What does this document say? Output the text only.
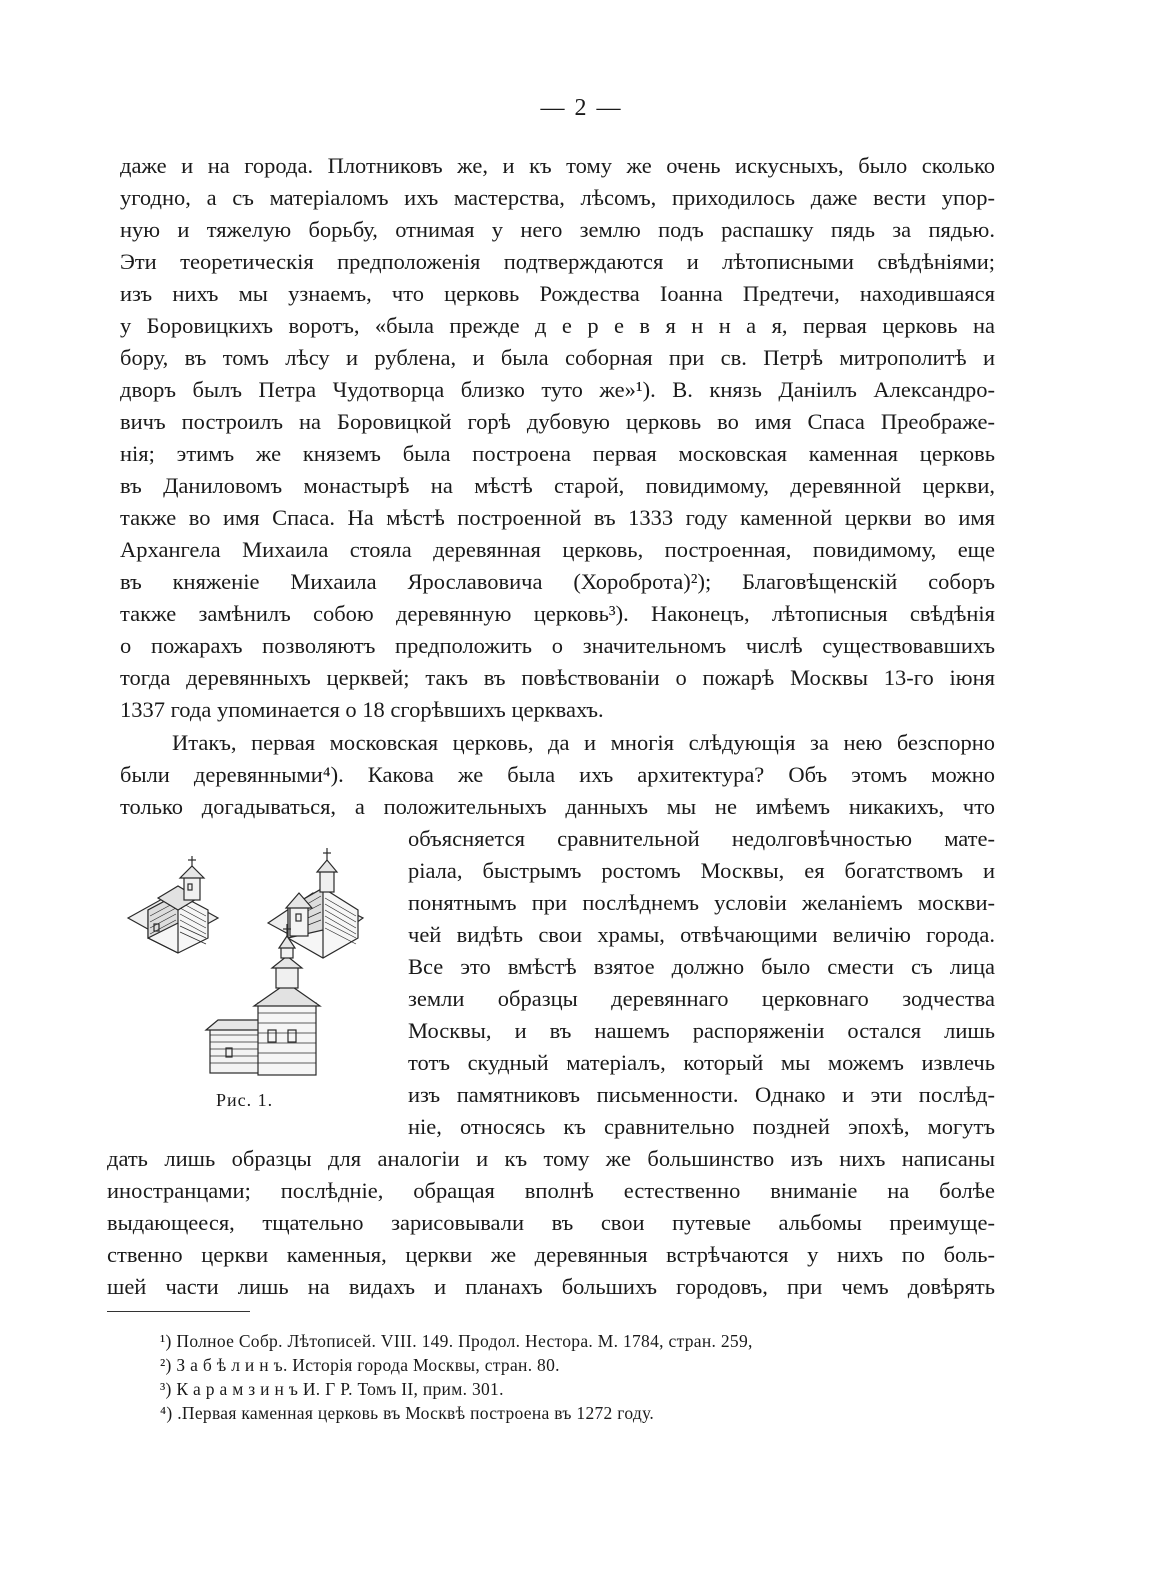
— 2 —
даже и на города. Плотниковъ же, и къ тому же очень искусныхъ, было сколько
угодно, а съ матеріаломъ ихъ мастерства, лѣсомъ, приходилось даже вести упор-
ную и тяжелую борьбу, отнимая у него землю подъ распашку пядь за пядью.
Эти теоретическія предположенія подтверждаются и лѣтописными свѣдѣніями;
изъ нихъ мы узнаемъ, что церковь Рождества Іоанна Предтечи, находившаяся
у Боровицкихъ воротъ, «была прежде д е р е в я н н а я, первая церковь на
бору, въ томъ лѣсу и рублена, и была соборная при св. Петрѣ митрополитѣ и
дворъ былъ Петра Чудотворца близко туто же»¹). В. князь Даніилъ Александро-
вичъ построилъ на Боровицкой горѣ дубовую церковь во имя Спаса Преображе-
нія; этимъ же княземъ была построена первая московская каменная церковь
въ Даниловомъ монастырѣ на мѣстѣ старой, повидимому, деревянной церкви,
также во имя Спаса. На мѣстѣ построенной въ 1333 году каменной церкви во имя
Архангела Михаила стояла деревянная церковь, построенная, повидимому, еще
въ княженіе Михаила Ярославовича (Хороброта)²); Благовѣщенскій соборъ
также замѣнилъ собою деревянную церковь³). Наконецъ, лѣтописныя свѣдѣнія
о пожарахъ позволяютъ предположить о значительномъ числѣ существовавшихъ
тогда деревянныхъ церквей; такъ въ повѣствованіи о пожарѣ Москвы 13-го іюня
1337 года упоминается о 18 сгорѣвшихъ церквахъ.
Итакъ, первая московская церковь, да и многія слѣдующія за нею безспорно
были деревянными⁴). Какова же была ихъ архитектура? Объ этомъ можно
только догадываться, а положительныхъ данныхъ мы не имѣемъ никакихъ, что
объясняется сравнительной недолговѣчностью мате-
ріала, быстрымъ ростомъ Москвы, ея богатствомъ и
понятнымъ при послѣднемъ условіи желаніемъ москви-
чей видѣть свои храмы, отвѣчающими величію города.
Все это вмѣстѣ взятое должно было смести съ лица
земли образцы деревяннаго церковнаго зодчества
Москвы, и въ нашемъ распоряженіи остался лишь
тотъ скудный матеріалъ, который мы можемъ извлечь
изъ памятниковъ письменности. Однако и эти послѣд-
ніе, относясь къ сравнительно поздней эпохѣ, могутъ
дать лишь образцы для аналогіи и къ тому же большинство изъ нихъ написаны
иностранцами; послѣдніе, обращая вполнѣ естественно вниманіе на болѣе
выдающееся, тщательно зарисовывали въ свои путевые альбомы преимуще-
ственно церкви каменныя, церкви же деревянныя встрѣчаются у нихъ по боль-
шей части лишь на видахъ и планахъ большихъ городовъ, при чемъ довѣрять
Рис. 1.
¹) Полное Собр. Лѣтописей. VIII. 149. Продол. Нестора. М. 1784, стран. 259,
²) З а б ѣ л и н ъ. Исторія города Москвы, стран. 80.
³) К а р а м з и н ъ И. Г Р. Томъ II, прим. 301.
⁴) .Первая каменная церковь въ Москвѣ построена въ 1272 году.
